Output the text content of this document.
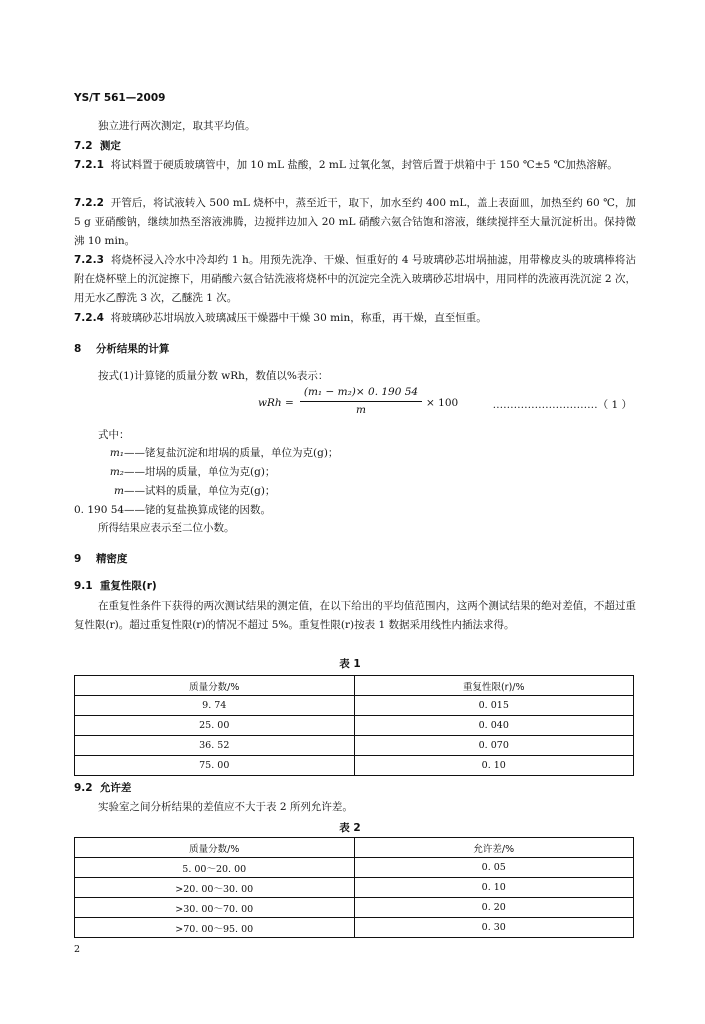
YS/T 561—2009
独立进行两次测定，取其平均值。
7.2 测定
7.2.1 将试料置于硬质玻璃管中，加 10 mL 盐酸，2 mL 过氧化氢，封管后置于烘箱中于 150 ℃±5 ℃加热溶解。
7.2.2 开管后，将试液转入 500 mL 烧杯中，蒸至近干，取下，加水至约 400 mL，盖上表面皿，加热至约 60 ℃，加 5 g 亚硝酸钠，继续加热至溶液沸腾，边搅拌边加入 20 mL 硝酸六氨合钴饱和溶液，继续搅拌至大量沉淀析出。保持微沸 10 min。
7.2.3 将烧杯浸入冷水中冷却约 1 h。用预先洗净、干燥、恒重好的 4 号玻璃砂芯坩埚抽滤，用带橡皮头的玻璃棒将沾附在烧杯壁上的沉淀擦下，用硝酸六氨合钴洗液将烧杯中的沉淀完全洗入玻璃砂芯坩埚中，用同样的洗液再洗沉淀 2 次，用无水乙醇洗 3 次，乙醚洗 1 次。
7.2.4 将玻璃砂芯坩埚放入玻璃减压干燥器中干燥 30 min，称重，再干燥，直至恒重。
8 分析结果的计算
按式(1)计算铑的质量分数 wRh，数值以%表示：
wRh =
(m₁ − m₂)× 0. 190 54
m
× 100	…………………………（ 1 ）
式中：
m₁——铑复盐沉淀和坩埚的质量，单位为克(g)；
m₂——坩埚的质量，单位为克(g)；
m——试料的质量，单位为克(g)；
0. 190 54——铑的复盐换算成铑的因数。
所得结果应表示至二位小数。
9 精密度
9.1 重复性限(r)
在重复性条件下获得的两次测试结果的测定值，在以下给出的平均值范围内，这两个测试结果的绝对差值，不超过重复性限(r)。超过重复性限(r)的情况不超过 5%。重复性限(r)按表 1 数据采用线性内插法求得。
表 1
质量分数/%	重复性限(r)/%
9. 74	0. 015
25. 00	0. 040
36. 52	0. 070
75. 00	0. 10
9.2 允许差
实验室之间分析结果的差值应不大于表 2 所列允许差。
表 2
质量分数/%	允许差/%
5. 00～20. 00	0. 05
>20. 00～30. 00	0. 10
>30. 00～70. 00	0. 20
>70. 00～95. 00	0. 30
2
